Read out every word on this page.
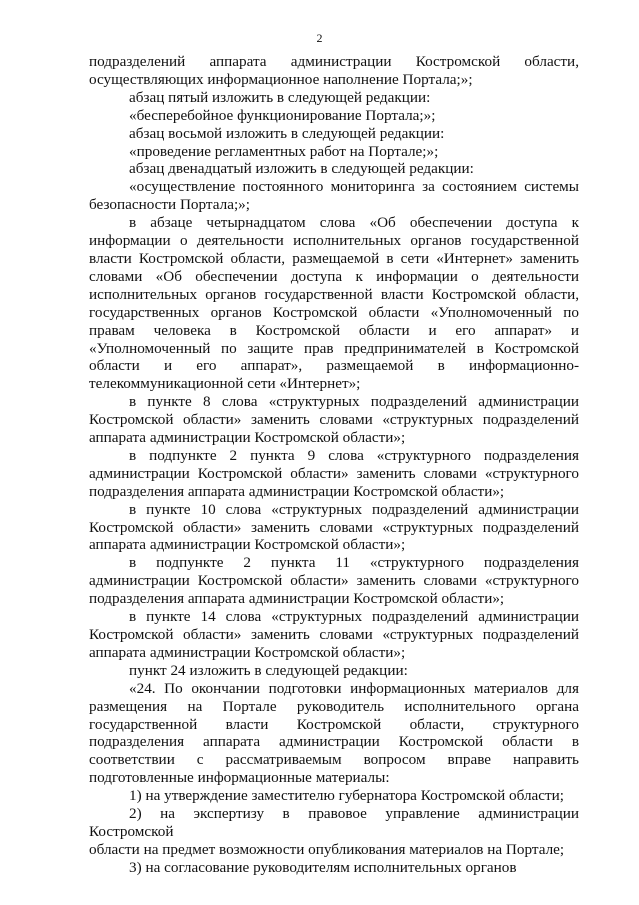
2

подразделений аппарата администрации Костромской области,

осуществляющих информационное наполнение Портала;»;

абзац пятый изложить в следующей редакции:

«бесперебойное функционирование Портала;»;

абзац восьмой изложить в следующей редакции:

«проведение регламентных работ на Портале;»;

абзац двенадцатый изложить в следующей редакции:

«осуществление постоянного мониторинга за состоянием системы

безопасности Портала;»;

в абзаце четырнадцатом слова «Об обеспечении доступа к

информации о деятельности исполнительных органов государственной

власти Костромской области, размещаемой в сети «Интернет» заменить

словами «Об обеспечении доступа к информации о деятельности

исполнительных органов государственной власти Костромской области,

государственных органов Костромской области «Уполномоченный по

правам человека в Костромской области и его аппарат» и

«Уполномоченный по защите прав предпринимателей в Костромской

области и его аппарат», размещаемой в информационно-

телекоммуникационной сети «Интернет»;

в пункте 8 слова «структурных подразделений администрации

Костромской области» заменить словами «структурных подразделений

аппарата администрации Костромской области»;

в подпункте 2 пункта 9 слова «структурного подразделения

администрации Костромской области» заменить словами «структурного

подразделения аппарата администрации Костромской области»;

в пункте 10 слова «структурных подразделений администрации

Костромской области» заменить словами «структурных подразделений

аппарата администрации Костромской области»;

в подпункте 2 пункта 11 «структурного подразделения

администрации Костромской области» заменить словами «структурного

подразделения аппарата администрации Костромской области»;

в пункте 14 слова «структурных подразделений администрации

Костромской области» заменить словами «структурных подразделений

аппарата администрации Костромской области»;

пункт 24 изложить в следующей редакции:

«24. По окончании подготовки информационных материалов для

размещения на Портале руководитель исполнительного органа

государственной власти Костромской области, структурного

подразделения аппарата администрации Костромской области в

соответствии с рассматриваемым вопросом вправе направить

подготовленные информационные материалы:

1) на утверждение заместителю губернатора Костромской области;

2) на экспертизу в правовое управление администрации Костромской

области на предмет возможности опубликования материалов на Портале;

3) на согласование руководителям исполнительных органов
